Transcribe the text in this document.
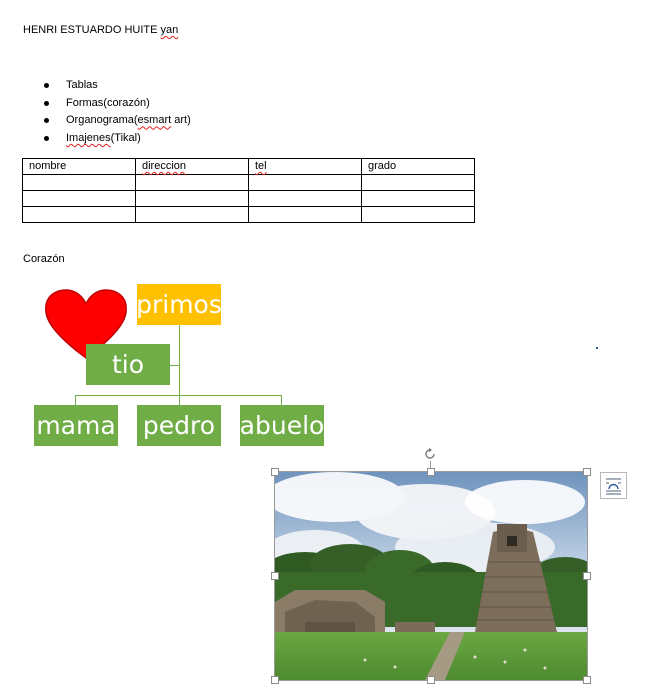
HENRI ESTUARDO HUITE yan
Tablas
Formas(corazón)
Organograma(esmart art)
Imajenes(Tikal)
nombre	direccion	tel	grado

Corazón
primos
tio
mama pedro abuelo
